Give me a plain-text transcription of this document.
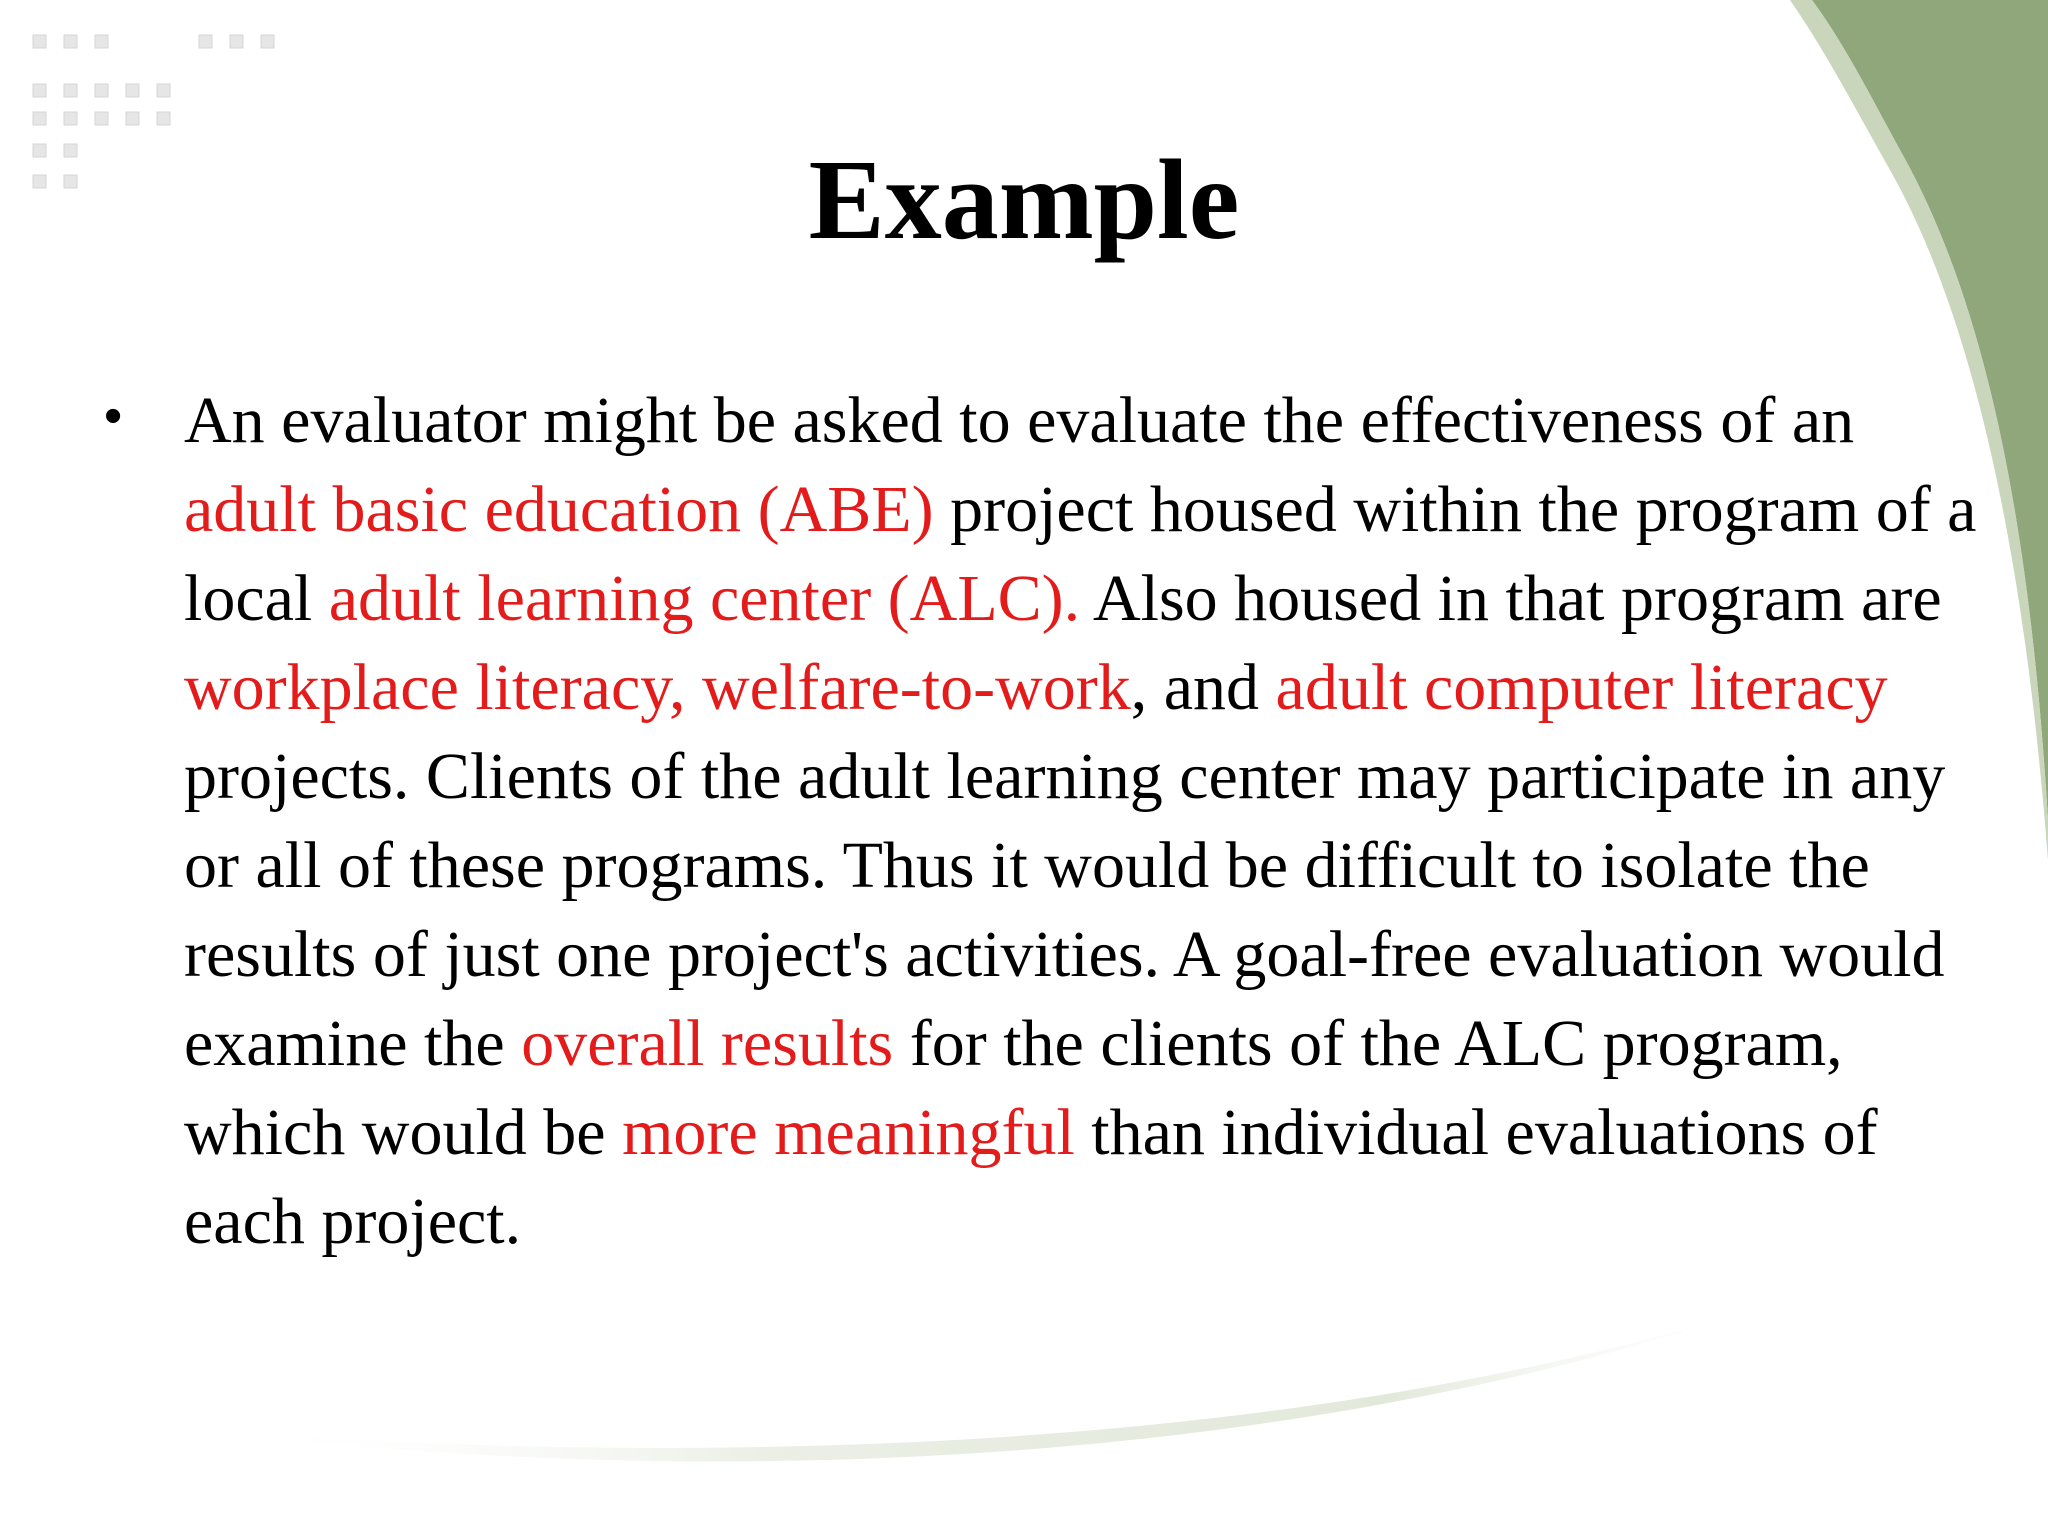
Example
• An evaluator might be asked to evaluate the effectiveness of an adult basic education (ABE) project housed within the program of a local adult learning center (ALC). Also housed in that program are workplace literacy, welfare-to-work, and adult computer literacy projects. Clients of the adult learning center may participate in any or all of these programs. Thus it would be difficult to isolate the results of just one project's activities. A goal-free evaluation would examine the overall results for the clients of the ALC program, which would be more meaningful than individual evaluations of each project.
